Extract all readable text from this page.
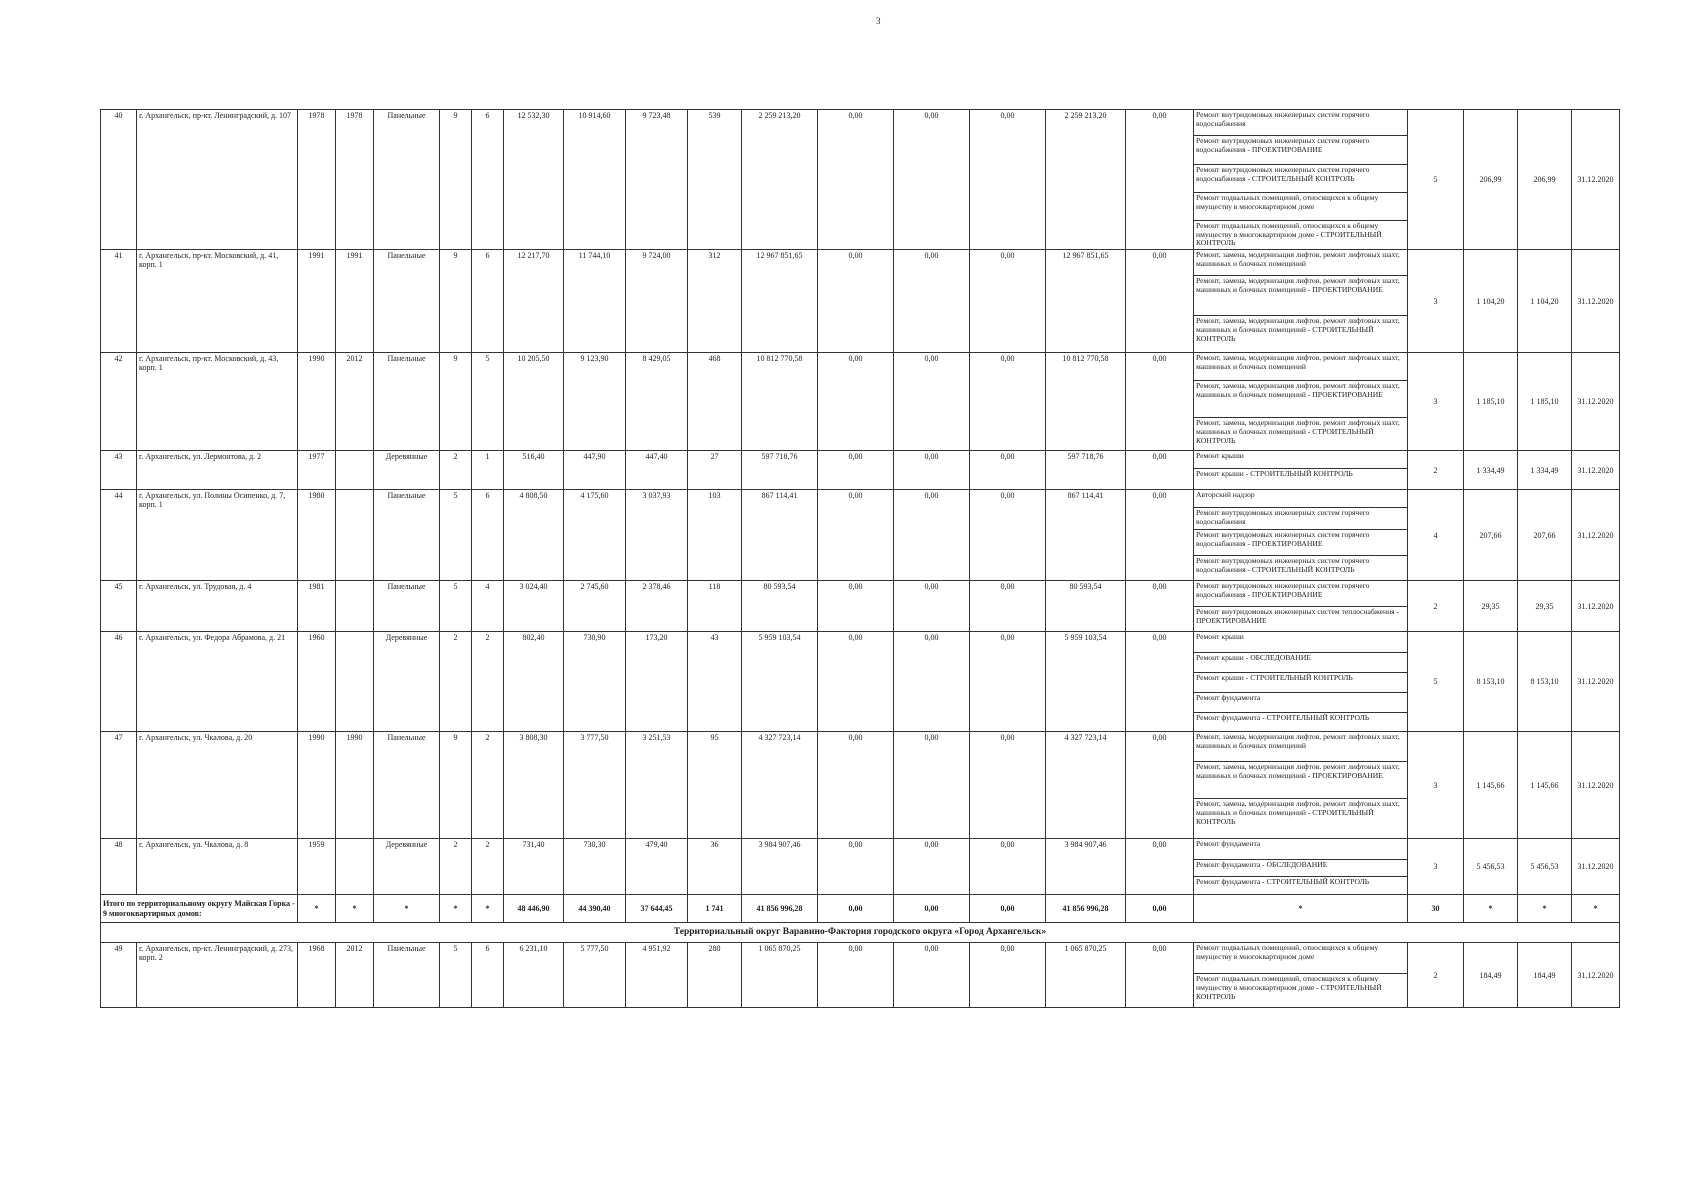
3
40	г. Архангельск, пр-кт. Ленинградский, д. 107	1978	1978	Панельные	9	6	12 532,30	10 914,60	9 723,48	539	2 259 213,20	0,00	0,00	0,00	2 259 213,20	0,00	Ремонт внутридомовых инженерных систем горячего водоснабжения	5	206,99	206,99	31.12.2020
																	Ремонт внутридомовых инженерных систем горячего водоснабжения - ПРОЕКТИРОВАНИЕ				
																	Ремонт внутридомовых инженерных систем горячего водоснабжения - СТРОИТЕЛЬНЫЙ КОНТРОЛЬ				
																	Ремонт подвальных помещений, относящихся к общему имуществу в многоквартирном доме				
																	Ремонт подвальных помещений, относящихся к общему имуществу в многоквартирном доме - СТРОИТЕЛЬНЫЙ КОНТРОЛЬ				
41	г. Архангельск, пр-кт. Московский, д. 41, корп. 1	1991	1991	Панельные	9	6	12 217,70	11 744,10	9 724,00	312	12 967 851,65	0,00	0,00	0,00	12 967 851,65	0,00	Ремонт, замена, модернизация лифтов, ремонт лифтовых шахт, машинных и блочных помещений	3	1 104,20	1 104,20	31.12.2020
																	Ремонт, замена, модернизация лифтов, ремонт лифтовых шахт, машинных и блочных помещений - ПРОЕКТИРОВАНИЕ				
																	Ремонт, замена, модернизация лифтов, ремонт лифтовых шахт, машинных и блочных помещений - СТРОИТЕЛЬНЫЙ КОНТРОЛЬ				
42	г. Архангельск, пр-кт. Московский, д. 43, корп. 1	1990	2012	Панельные	9	5	10 205,50	9 123,90	8 429,05	468	10 812 770,58	0,00	0,00	0,00	10 812 770,58	0,00	Ремонт, замена, модернизация лифтов, ремонт лифтовых шахт, машинных и блочных помещений	3	1 185,10	1 185,10	31.12.2020
																	Ремонт, замена, модернизация лифтов, ремонт лифтовых шахт, машинных и блочных помещений - ПРОЕКТИРОВАНИЕ				
																	Ремонт, замена, модернизация лифтов, ремонт лифтовых шахт, машинных и блочных помещений - СТРОИТЕЛЬНЫЙ КОНТРОЛЬ				
43	г. Архангельск, ул. Лермонтова, д. 2	1977		Деревянные	2	1	516,40	447,90	447,40	27	597 718,76	0,00	0,00	0,00	597 718,76	0,00	Ремонт крыши	2	1 334,49	1 334,49	31.12.2020
																	Ремонт крыши - СТРОИТЕЛЬНЫЙ КОНТРОЛЬ				
44	г. Архангельск, ул. Полины Осипенко, д. 7, корп. 1	1980		Панельные	5	6	4 808,50	4 175,60	3 037,93	103	867 114,41	0,00	0,00	0,00	867 114,41	0,00	Авторский надзор	4	207,66	207,66	31.12.2020
																	Ремонт внутридомовых инженерных систем горячего водоснабжения				
																	Ремонт внутридомовых инженерных систем горячего водоснабжения - ПРОЕКТИРОВАНИЕ				
																	Ремонт внутридомовых инженерных систем горячего водоснабжения - СТРОИТЕЛЬНЫЙ КОНТРОЛЬ				
45	г. Архангельск, ул. Трудовая, д. 4	1981		Панельные	5	4	3 024,40	2 745,60	2 378,46	118	80 593,54	0,00	0,00	0,00	80 593,54	0,00	Ремонт внутридомовых инженерных систем горячего водоснабжения - ПРОЕКТИРОВАНИЕ	2	29,35	29,35	31.12.2020
																	Ремонт внутридомовых инженерных систем теплоснабжения - ПРОЕКТИРОВАНИЕ				
46	г. Архангельск, ул. Федора Абрамова, д. 21	1960		Деревянные	2	2	802,40	730,90	173,20	43	5 959 103,54	0,00	0,00	0,00	5 959 103,54	0,00	Ремонт крыши	5	8 153,10	8 153,10	31.12.2020
																	Ремонт крыши - ОБСЛЕДОВАНИЕ				
																	Ремонт крыши - СТРОИТЕЛЬНЫЙ КОНТРОЛЬ				
																	Ремонт фундамента				
																	Ремонт фундамента - СТРОИТЕЛЬНЫЙ КОНТРОЛЬ				
47	г. Архангельск, ул. Чкалова, д. 20	1990	1990	Панельные	9	2	3 808,30	3 777,50	3 251,53	95	4 327 723,14	0,00	0,00	0,00	4 327 723,14	0,00	Ремонт, замена, модернизация лифтов, ремонт лифтовых шахт, машинных и блочных помещений	3	1 145,66	1 145,66	31.12.2020
																	Ремонт, замена, модернизация лифтов, ремонт лифтовых шахт, машинных и блочных помещений - ПРОЕКТИРОВАНИЕ				
																	Ремонт, замена, модернизация лифтов, ремонт лифтовых шахт, машинных и блочных помещений - СТРОИТЕЛЬНЫЙ КОНТРОЛЬ				
48	г. Архангельск, ул. Чкалова, д. 8	1959		Деревянные	2	2	731,40	730,30	479,40	36	3 984 907,46	0,00	0,00	0,00	3 984 907,46	0,00	Ремонт фундамента	3	5 456,53	5 456,53	31.12.2020
																	Ремонт фундамента - ОБСЛЕДОВАНИЕ				
																	Ремонт фундамента - СТРОИТЕЛЬНЫЙ КОНТРОЛЬ				
Итого по территориальному округу Майская Горка - 9 многоквартирных домов:		*	*	*	*	*	48 446,90	44 390,40	37 644,45	1 741	41 856 996,28	0,00	0,00	0,00	41 856 996,28	0,00	*	30	*	*	*
Территориальный округ Варавино-Фактория городского округа «Город Архангельск»																					
49	г. Архангельск, пр-кт. Ленинградский, д. 273, корп. 2	1968	2012	Панельные	5	6	6 231,10	5 777,50	4 951,92	280	1 065 870,25	0,00	0,00	0,00	1 065 870,25	0,00	Ремонт подвальных помещений, относящихся к общему имуществу в многоквартирном доме	2	184,49	184,49	31.12.2020
																	Ремонт подвальных помещений, относящихся к общему имуществу в многоквартирном доме - СТРОИТЕЛЬНЫЙ КОНТРОЛЬ				
